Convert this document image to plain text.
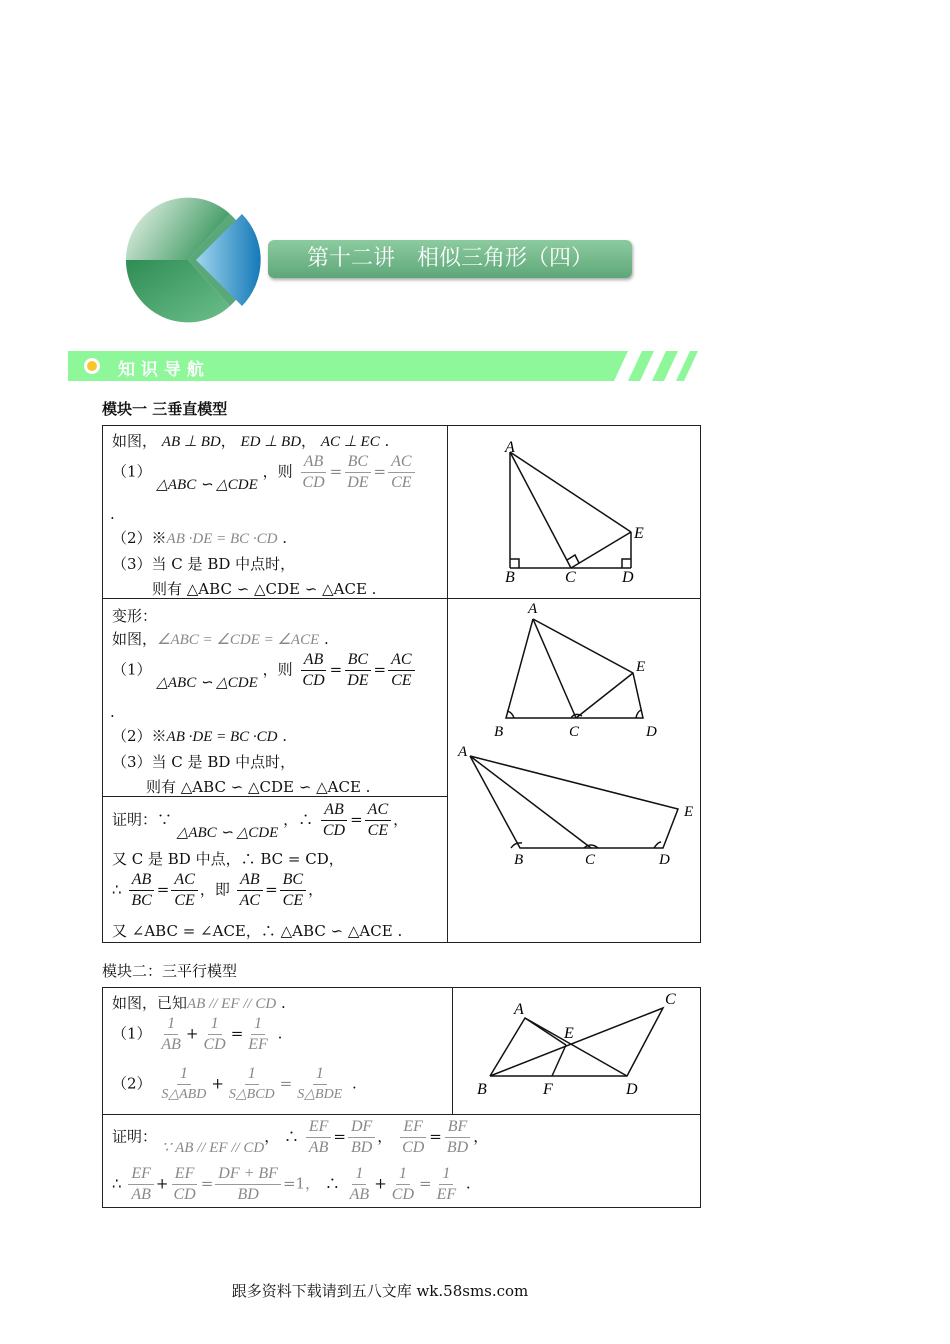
第十二讲　相似三角形（四）
知 识 导 航
模块一 三垂直模型
如图， AB ⊥ BD， ED ⊥ BD， AC ⊥ EC .
（1） △ABC ∽ △CDE ，则 $\frac{AB}{CD} = \frac{BC}{DE} = \frac{AC}{CE}$
.
（2）※AB ·DE = BC ·CD .
（3）当 C 是 BD 中点时，
则有 △ABC ∽ △CDE ∽ △ACE .
A
B	C	D
E
变形：
如图，∠ABC = ∠CDE = ∠ACE .
（1） △ABC ∽ △CDE ，则 $\frac{AB}{CD} = \frac{BC}{DE} = \frac{AC}{CE}$
.
（2）※AB ·DE = BC ·CD .
（3）当 C 是 BD 中点时，
则有 △ABC ∽ △CDE ∽ △ACE .
A
B	C	D
E
A
B	C	D
E
证明：∵ △ABC ∽ △CDE ，∴ $\frac{AB}{CD} = \frac{AC}{CE}$ ，
又 C 是 BD 中点，∴ BC = CD，
∴ $\frac{AB}{BC} = \frac{AC}{CE}$ ，即 $\frac{AB}{AC} = \frac{BC}{CE}$ ，
又 ∠ABC = ∠ACE，∴ △ABC ∽ △ACE .
模块二：三平行模型
如图，已知AB // EF // CD .
$(1) \frac{1}{AB} + \frac{1}{CD} = \frac{1}{EF}$ .
$(2) \frac{1}{\text{S△ABD}} + \frac{1}{\text{S△BCD}} = \frac{1}{\text{S△BDE}}$ .
A
B
C
D
E
F
证明： ∵ AB // EF // CD， ∴ $\frac{EF}{AB} = \frac{DF}{BD}$ ， $\frac{EF}{CD} = \frac{BF}{BD}$ ，
∴ $\frac{EF}{AB} + \frac{EF}{CD} = \frac{DF + BF}{BD} =1$， ∴ $\frac{1}{AB} + \frac{1}{CD} = \frac{1}{EF}$ .
跟多资料下载请到五八文库 wk.58sms.com
